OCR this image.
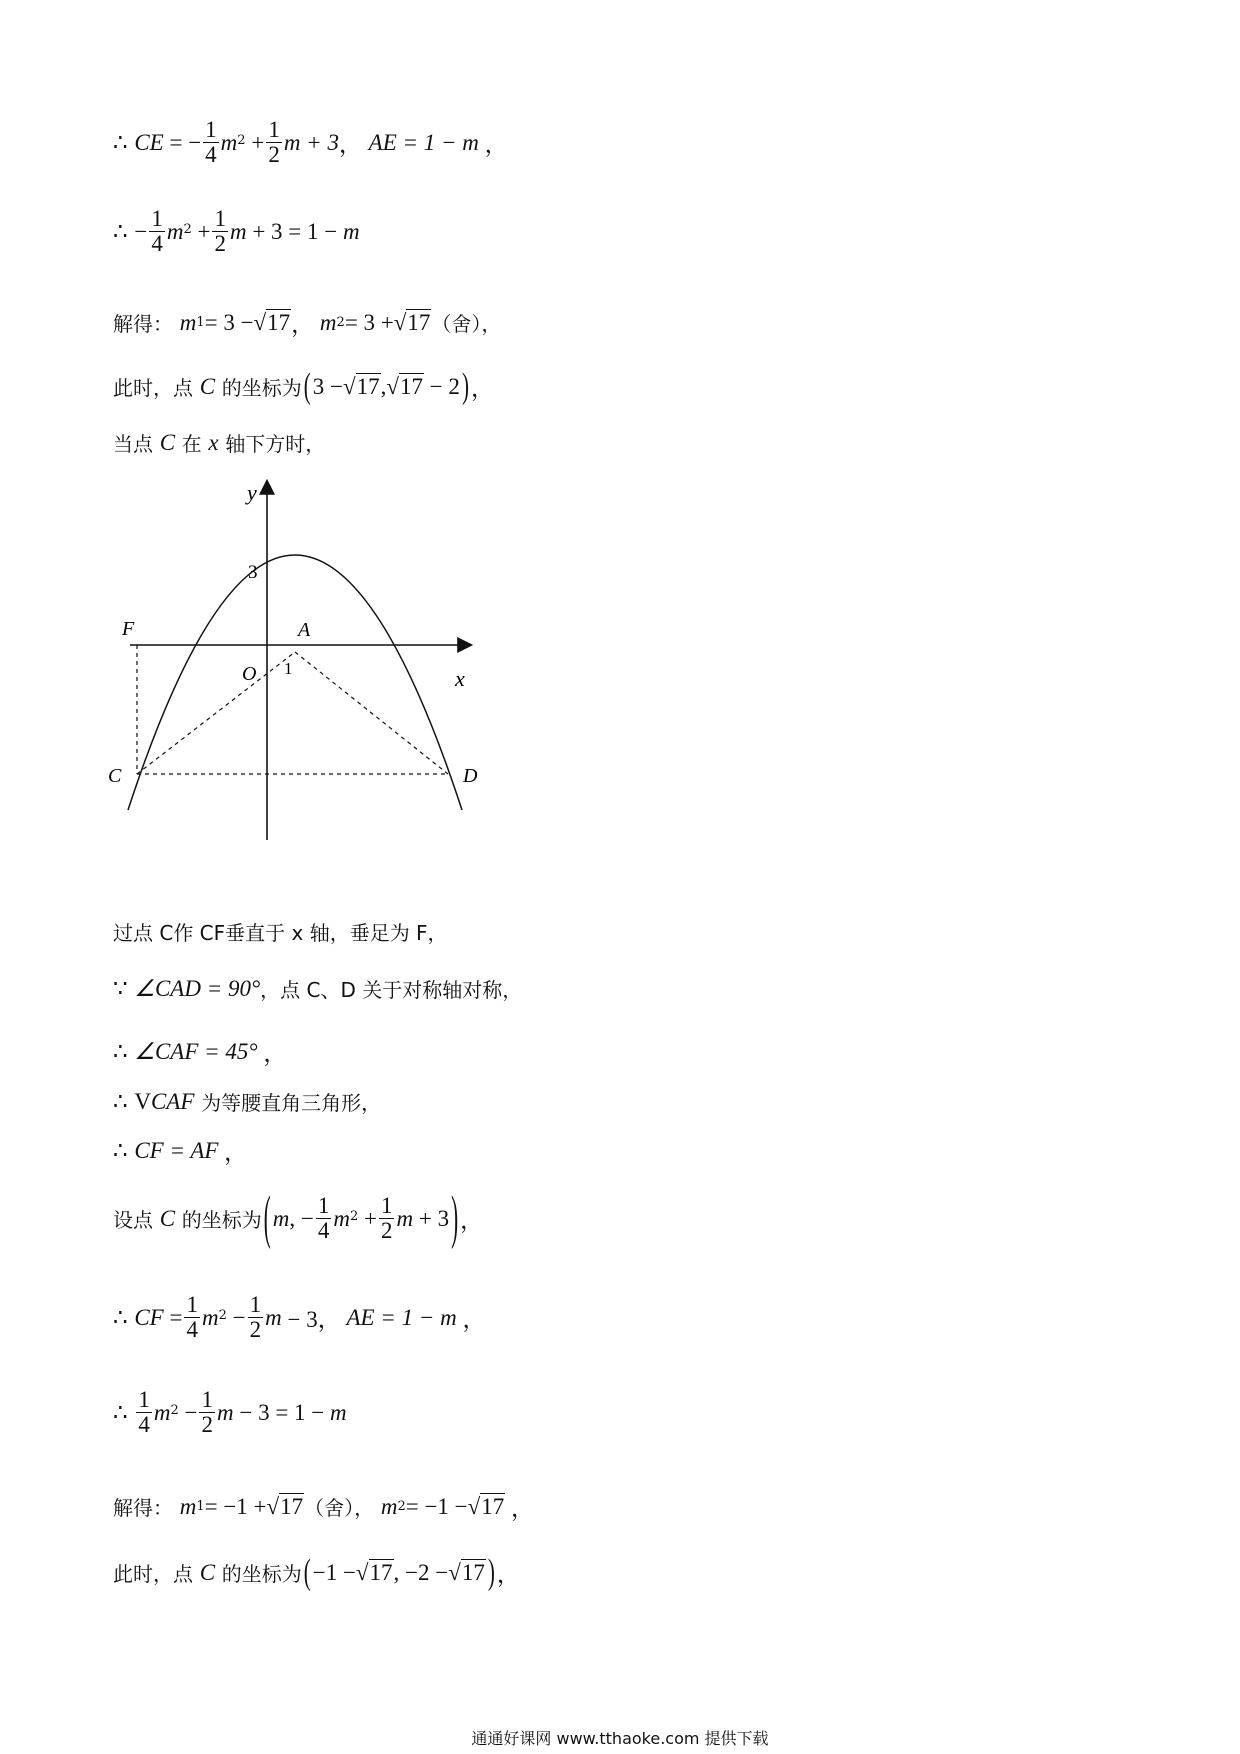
∴
CE = − $\frac{1}{4}$ m $2 + \frac{1}{2}$ m + 3 ，
AE = 1 − m ，
∴
− $\frac{1}{4}$ m $2 + \frac{1}{2}$ m + 3 = 1 − m
解得：
m 1 = 3 − √17 ， m 2 = 3 + √17 （舍），
此时，点
C
的坐标为 ( 3 − √17 , √17 − 2 ) ，
当点
C
在
x
轴下方时，
y
x
3
F	A
O 1
C	D
过点 C作 CF垂直于 x 轴，垂足为 F，
∵
∠CAD = 90° ，点 C、D 关于对称轴对称，
∴
∠CAF = 45° ，
∴
V CAF
为等腰直角三角形，
∴
CF = AF ，
设点
C
的坐标为 ( m , − $\frac{1}{4}$ m $2 + \frac{1}{2}$ m + 3 ) ，
∴
CF = $\frac{1}{4}$ m $2 - \frac{1}{2}$ m − 3， AE = 1 − m ，
∴
$\frac{1}{4}$ m $2 - \frac{1}{2}$ m − 3 = 1 − m
解得：
m 1 = −1 + √17 （舍），
m 2 = −1 − √17 ，
此时，点
C
的坐标为 ( −1 − √17 , −2 − √17 ) ，
通通好课网 www.tthaoke.com 提供下载
